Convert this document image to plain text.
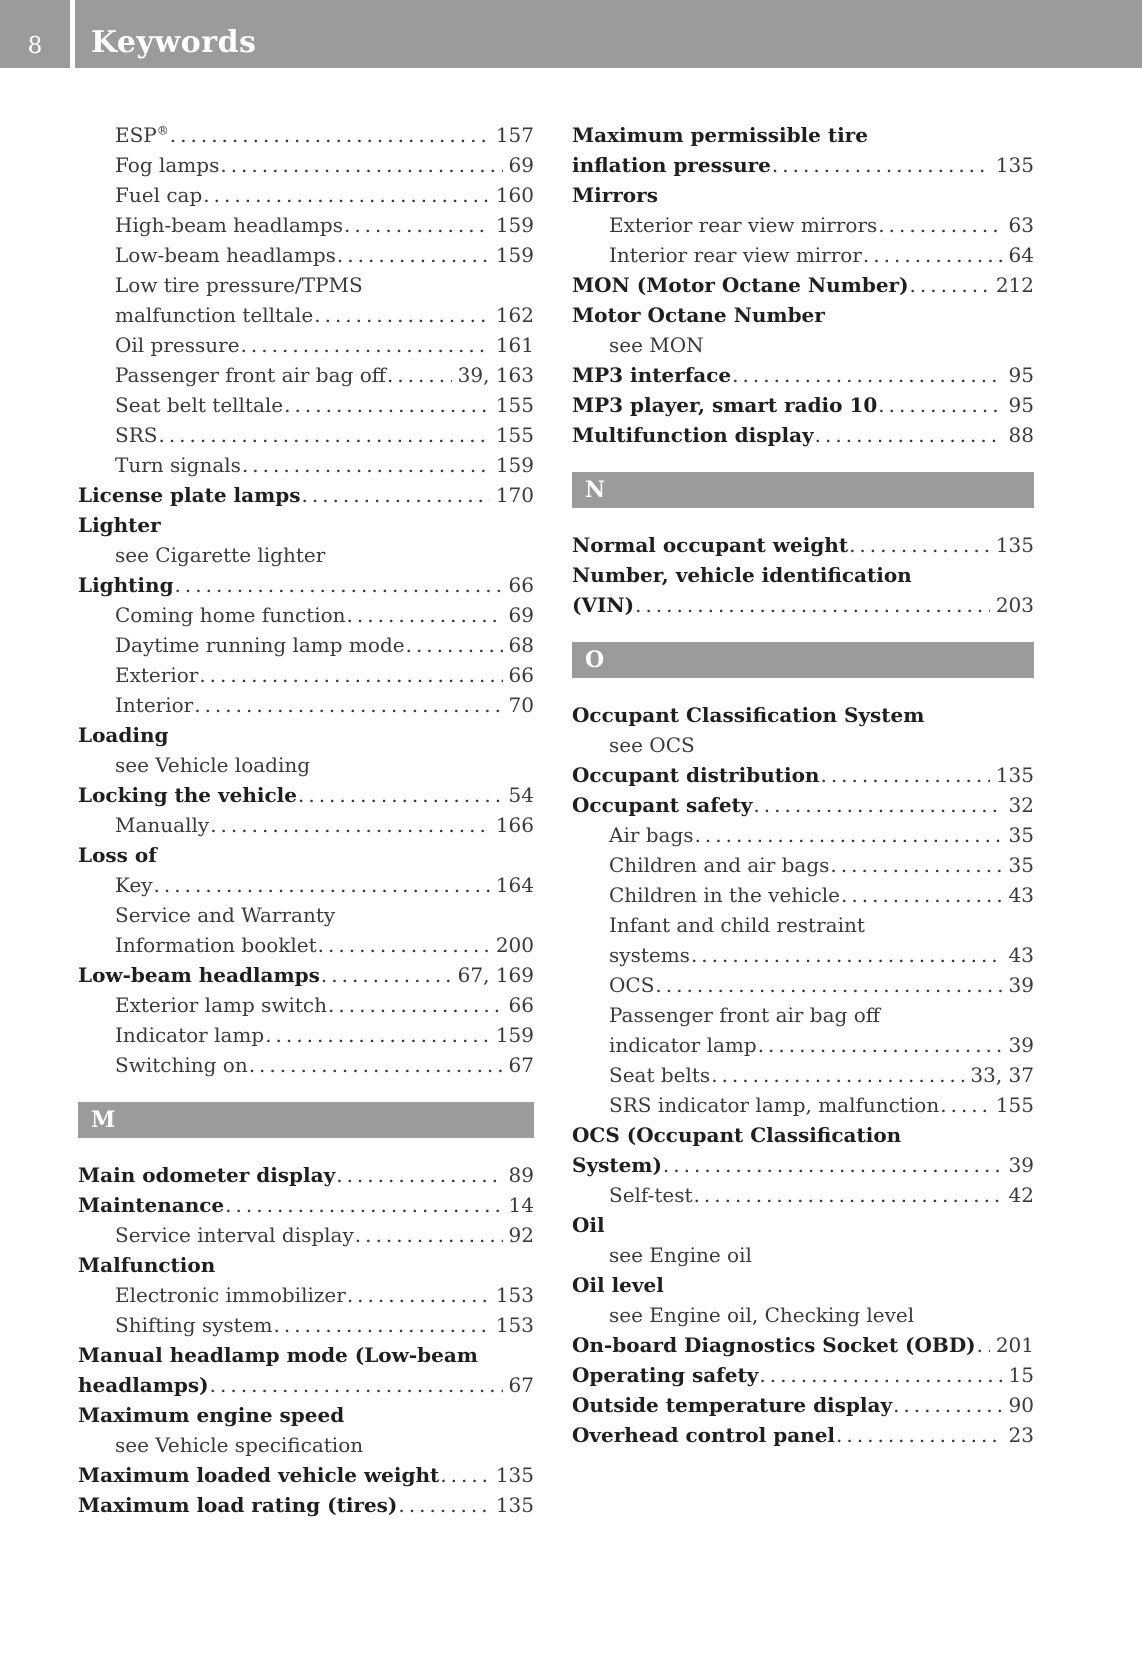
8	Keywords
ESP® .....	157
Fog lamps .....	69
Fuel cap .....	160
High-beam headlamps .....	159
Low-beam headlamps .....	159
Low tire pressure/TPMS
malfunction telltale .....	162
Oil pressure .....	161
Passenger front air bag off .....	39, 163
Seat belt telltale .....	155
SRS .....	155
Turn signals .....	159
License plate lamps .....	170
Lighter
see Cigarette lighter
Lighting .....	66
Coming home function .....	69
Daytime running lamp mode .....	68
Exterior .....	66
Interior .....	70
Loading
see Vehicle loading
Locking the vehicle .....	54
Manually .....	166
Loss of
Key .....	164
Service and Warranty
Information booklet .....	200
Low-beam headlamps .....	67, 169
Exterior lamp switch .....	66
Indicator lamp .....	159
Switching on .....	67
M
Main odometer display .....	89
Maintenance .....	14
Service interval display .....	92
Malfunction
Electronic immobilizer .....	153
Shifting system .....	153
Manual headlamp mode (Low-beam
headlamps) .....	67
Maximum engine speed
see Vehicle specification
Maximum loaded vehicle weight .....	135
Maximum load rating (tires) .....	135
Maximum permissible tire
inflation pressure .....	135
Mirrors
Exterior rear view mirrors .....	63
Interior rear view mirror .....	64
MON (Motor Octane Number) .....	212
Motor Octane Number
see MON
MP3 interface .....	95
MP3 player, smart radio 10 .....	95
Multifunction display .....	88
N
Normal occupant weight .....	135
Number, vehicle identification
(VIN) .....	203
O
Occupant Classification System
see OCS
Occupant distribution .....	135
Occupant safety .....	32
Air bags .....	35
Children and air bags .....	35
Children in the vehicle .....	43
Infant and child restraint
systems .....	43
OCS .....	39
Passenger front air bag off
indicator lamp .....	39
Seat belts .....	33, 37
SRS indicator lamp, malfunction .....	155
OCS (Occupant Classification
System) .....	39
Self-test .....	42
Oil
see Engine oil
Oil level
see Engine oil, Checking level
On-board Diagnostics Socket (OBD) ..... 201
Operating safety .....	15
Outside temperature display .....	90
Overhead control panel .....	23
